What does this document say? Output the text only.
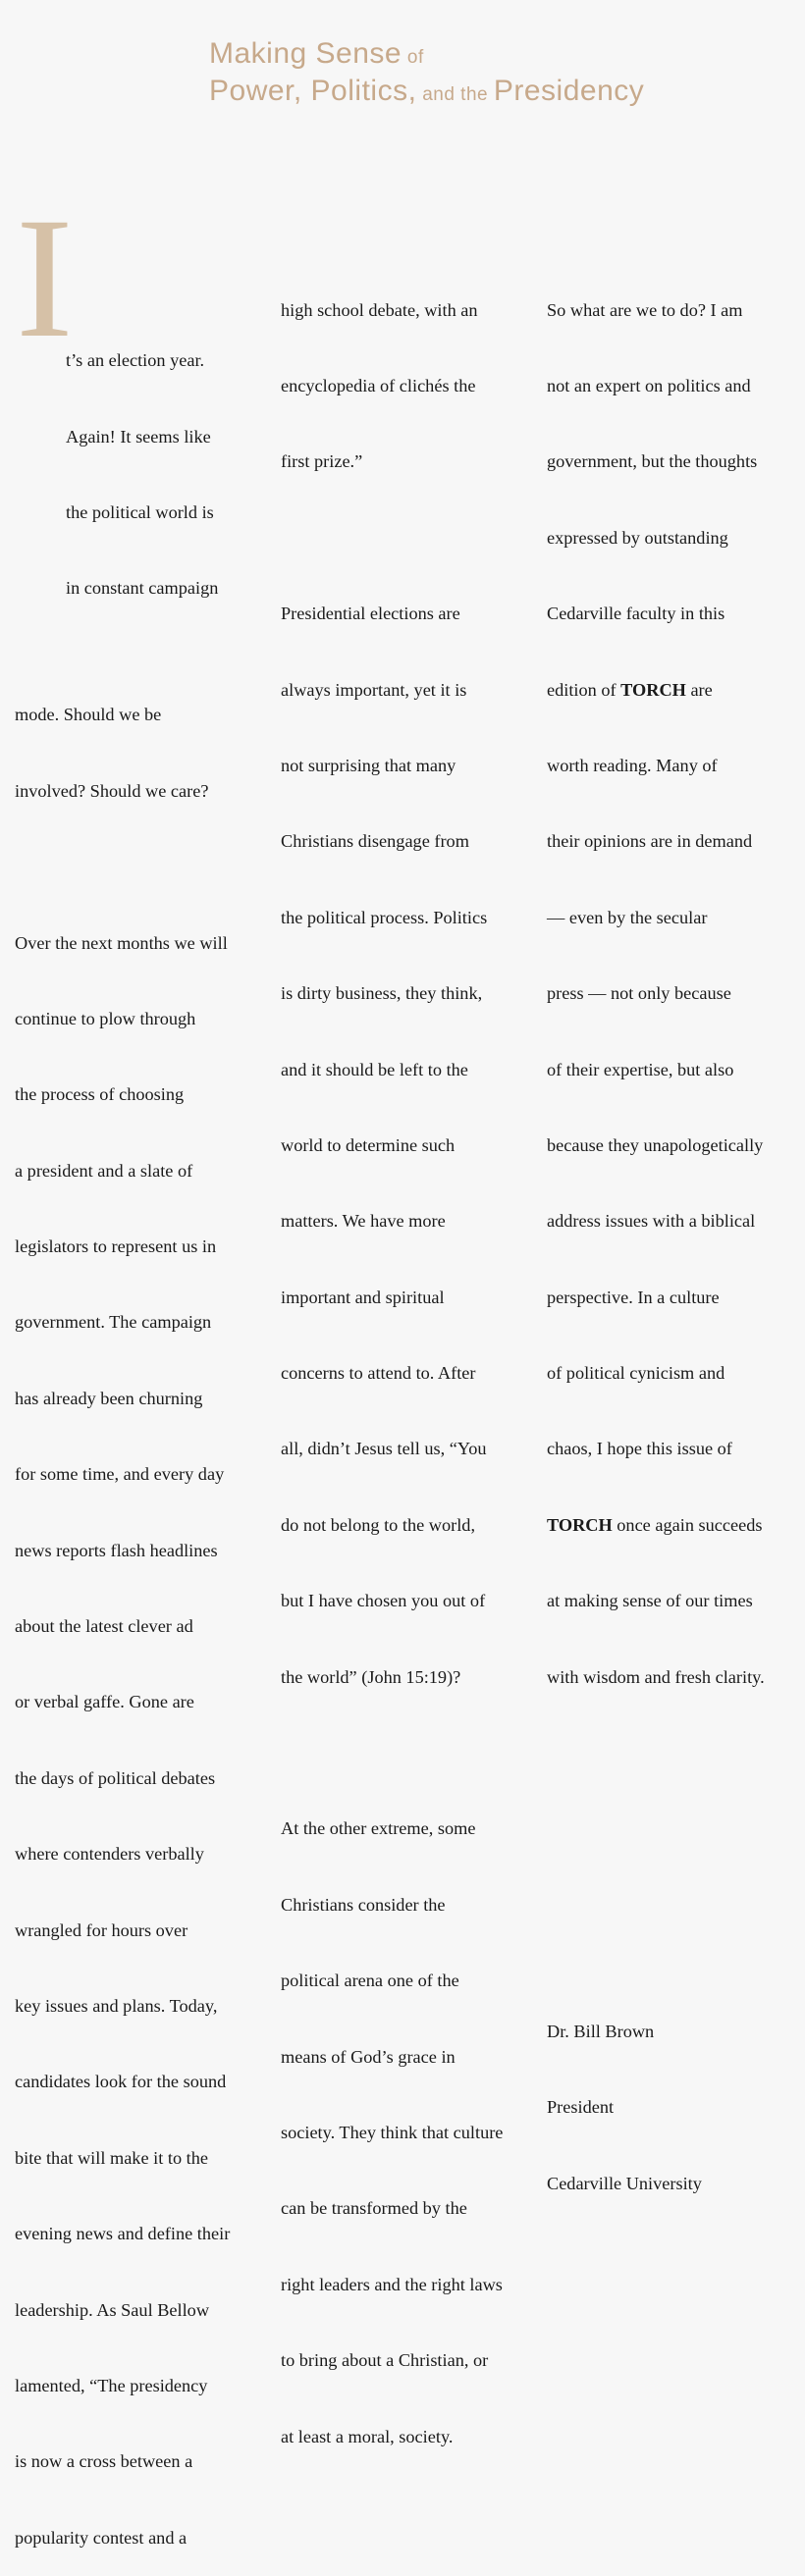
Making Sense of
Power, Politics, and the Presidency
I

t’s an election year.

Again! It seems like

the political world is

in constant campaign

mode. Should we be

involved? Should we care?

Over the next months we will

continue to plow through

the process of choosing

a president and a slate of

legislators to represent us in

government. The campaign

has already been churning

for some time, and every day

news reports flash headlines

about the latest clever ad

or verbal gaffe. Gone are

the days of political debates

where contenders verbally

wrangled for hours over

key issues and plans. Today,

candidates look for the sound

bite that will make it to the

evening news and define their

leadership. As Saul Bellow

lamented, “The presidency

is now a cross between a

popularity contest and a

high school debate, with an

encyclopedia of clichés the

first prize.”

Presidential elections are

always important, yet it is

not surprising that many

Christians disengage from

the political process. Politics

is dirty business, they think,

and it should be left to the

world to determine such

matters. We have more

important and spiritual

concerns to attend to. After

all, didn’t Jesus tell us, “You

do not belong to the world,

but I have chosen you out of

the world” (John 15:19)?

At the other extreme, some

Christians consider the

political arena one of the

means of God’s grace in

society. They think that culture

can be transformed by the

right leaders and the right laws

to bring about a Christian, or

at least a moral, society.

So what are we to do? I am

not an expert on politics and

government, but the thoughts

expressed by outstanding

Cedarville faculty in this

edition of TORCH are

worth reading. Many of

their opinions are in demand

— even by the secular

press — not only because

of their expertise, but also

because they unapologetically

address issues with a biblical

perspective. In a culture

of political cynicism and

chaos, I hope this issue of

TORCH once again succeeds

at making sense of our times

with wisdom and fresh clarity.

Dr. Bill Brown

President

Cedarville University
